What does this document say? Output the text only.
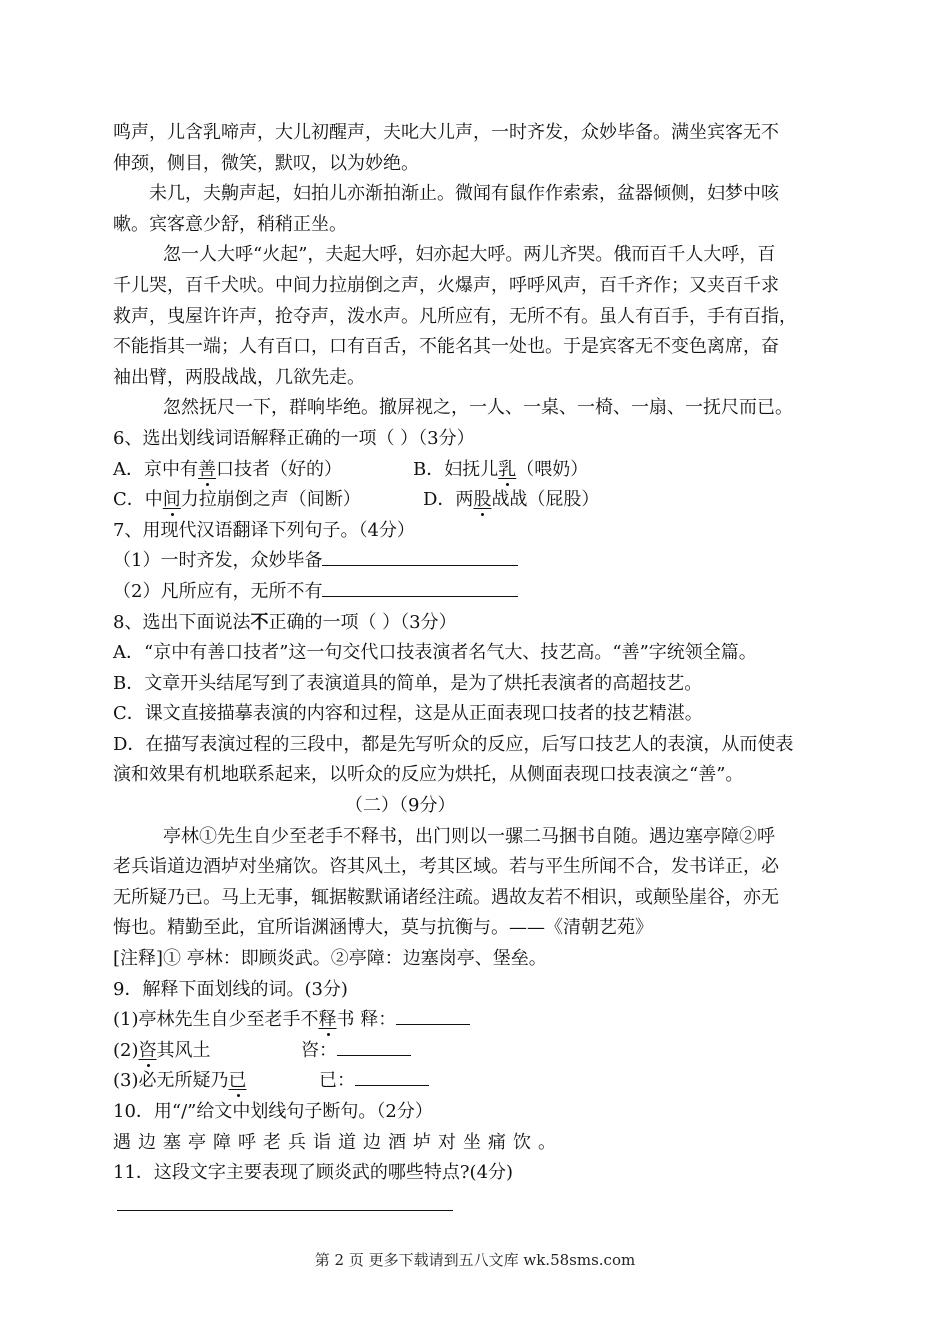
鸣声，儿含乳啼声，大儿初醒声，夫叱大儿声，一时齐发，众妙毕备。满坐宾客无不
伸颈，侧目，微笑，默叹，以为妙绝。
未几，夫齁声起，妇拍儿亦渐拍渐止。微闻有鼠作作索索，盆器倾侧，妇梦中咳
嗽。宾客意少舒，稍稍正坐。
忽一人大呼“火起”，夫起大呼，妇亦起大呼。两儿齐哭。俄而百千人大呼，百
千儿哭，百千犬吠。中间力拉崩倒之声，火爆声，呼呼风声，百千齐作；又夹百千求
救声，曳屋许许声，抢夺声，泼水声。凡所应有，无所不有。虽人有百手，手有百指，
不能指其一端；人有百口，口有百舌，不能名其一处也。于是宾客无不变色离席，奋
袖出臂，两股战战，几欲先走。
忽然抚尺一下，群响毕绝。撤屏视之，一人、一桌、一椅、一扇、一抚尺而已。
6、选出划线词语解释正确的一项（ ）（3分）
A．京中有善口技者（好的）	B．妇抚儿乳（喂奶）
C．中间力拉崩倒之声（间断）	D．两股战战（屁股）
7、用现代汉语翻译下列句子。（4分）
（1）一时齐发，众妙毕备
（2）凡所应有，无所不有
8、选出下面说法不正确的一项（ ）（3分）
A．“京中有善口技者”这一句交代口技表演者名气大、技艺高。“善”字统领全篇。
B．文章开头结尾写到了表演道具的简单，是为了烘托表演者的高超技艺。
C．课文直接描摹表演的内容和过程，这是从正面表现口技者的技艺精湛。
D．在描写表演过程的三段中，都是先写听众的反应，后写口技艺人的表演，从而使表
演和效果有机地联系起来，以听众的反应为烘托，从侧面表现口技表演之“善”。
（二）（9分）
亭林①先生自少至老手不释书，出门则以一骡二马捆书自随。遇边塞亭障②呼
老兵诣道边酒垆对坐痛饮。咨其风土，考其区域。若与平生所闻不合，发书详正，必
无所疑乃已。马上无事，辄据鞍默诵诸经注疏。遇故友若不相识，或颠坠崖谷，亦无
悔也。精勤至此，宜所诣渊涵博大，莫与抗衡与。——《清朝艺苑》
[注释]① 亭林：即顾炎武。②亭障：边塞岗亭、堡垒。
9．解释下面划线的词。(3分)
(1)亭林先生自少至老手不释书 释：
(2)咨其风土	咨：
(3)必无所疑乃已	已：
10．用“/”给文中划线句子断句。（2分）
遇边塞亭障呼老兵诣道边酒垆对坐痛饮。
11．这段文字主要表现了顾炎武的哪些特点?(4分)
第 2 页 更多下载请到五八文库 wk.58sms.com
